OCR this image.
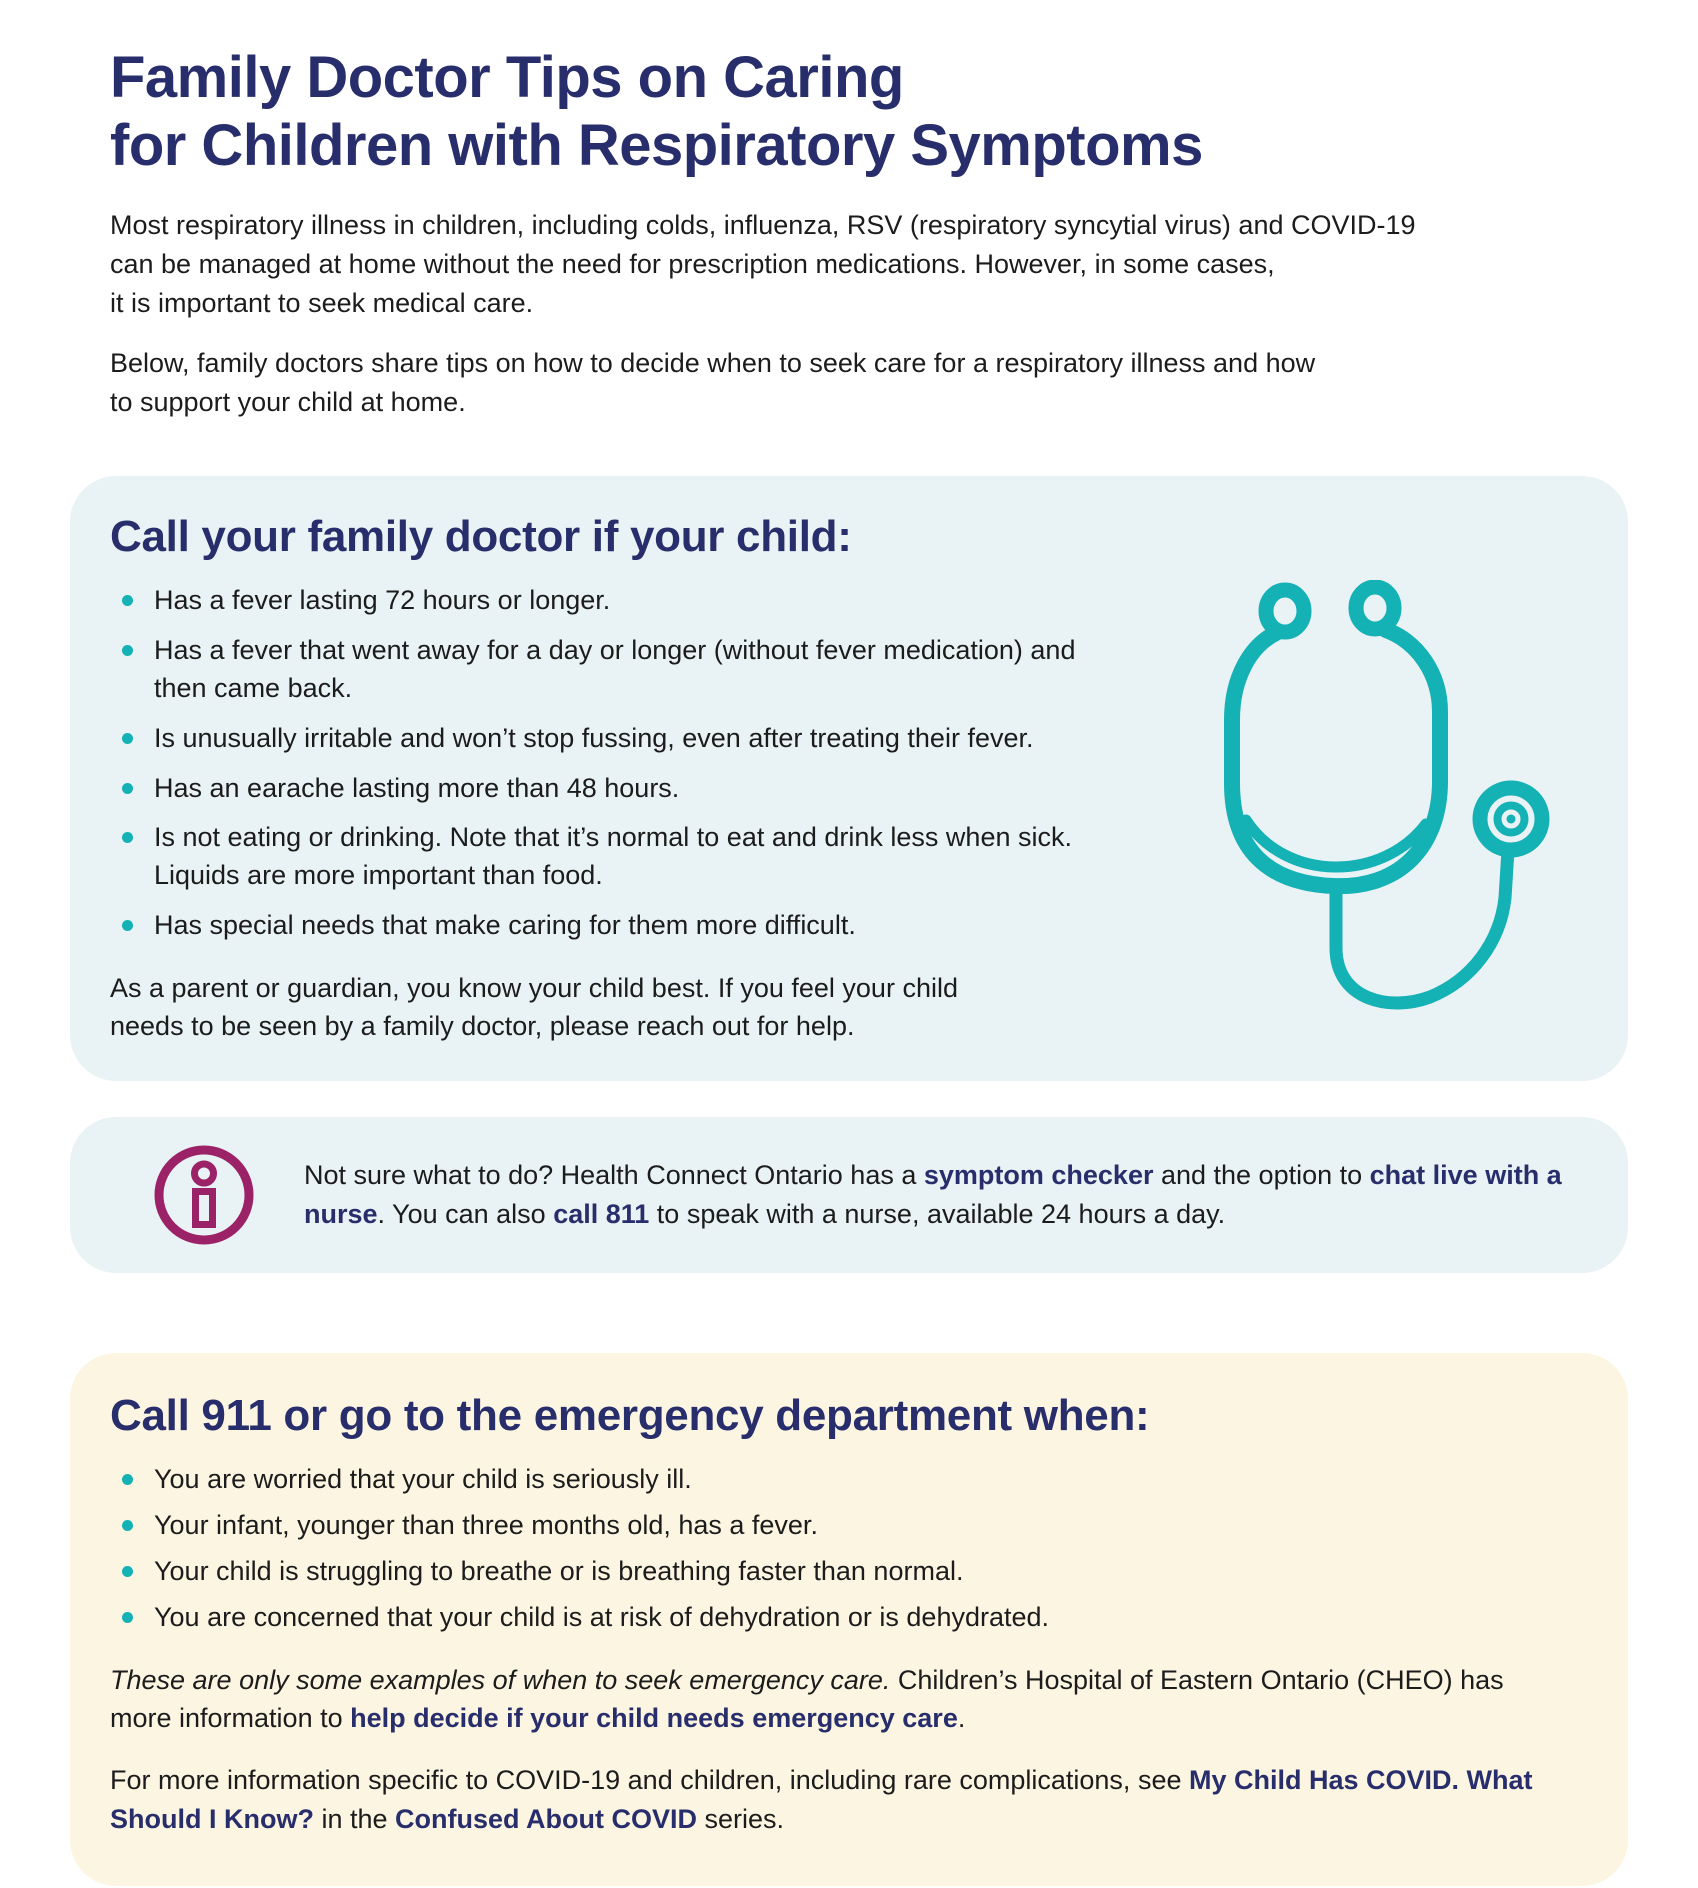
Family Doctor Tips on Caring
for Children with Respiratory Symptoms
Most respiratory illness in children, including colds, influenza, RSV (respiratory syncytial virus) and COVID-19
can be managed at home without the need for prescription medications. However, in some cases,
it is important to seek medical care.
Below, family doctors share tips on how to decide when to seek care for a respiratory illness and how
to support your child at home.
Call your family doctor if your child:
Has a fever lasting 72 hours or longer.
Has a fever that went away for a day or longer (without fever medication) and then came back.
Is unusually irritable and won’t stop fussing, even after treating their fever.
Has an earache lasting more than 48 hours.
Is not eating or drinking. Note that it’s normal to eat and drink less when sick. Liquids are more important than food.
Has special needs that make caring for them more difficult.
As a parent or guardian, you know your child best. If you feel your child
needs to be seen by a family doctor, please reach out for help.

Not sure what to do? Health Connect Ontario has a symptom checker and the option to chat live with a nurse. You can also call 811 to speak with a nurse, available 24 hours a day.

Call 911 or go to the emergency department when:
You are worried that your child is seriously ill.
Your infant, younger than three months old, has a fever.
Your child is struggling to breathe or is breathing faster than normal.
You are concerned that your child is at risk of dehydration or is dehydrated.

These are only some examples of when to seek emergency care. Children’s Hospital of Eastern Ontario (CHEO) has more information to help decide if your child needs emergency care.

For more information specific to COVID-19 and children, including rare complications, see My Child Has COVID. What Should I Know? in the Confused About COVID series.
